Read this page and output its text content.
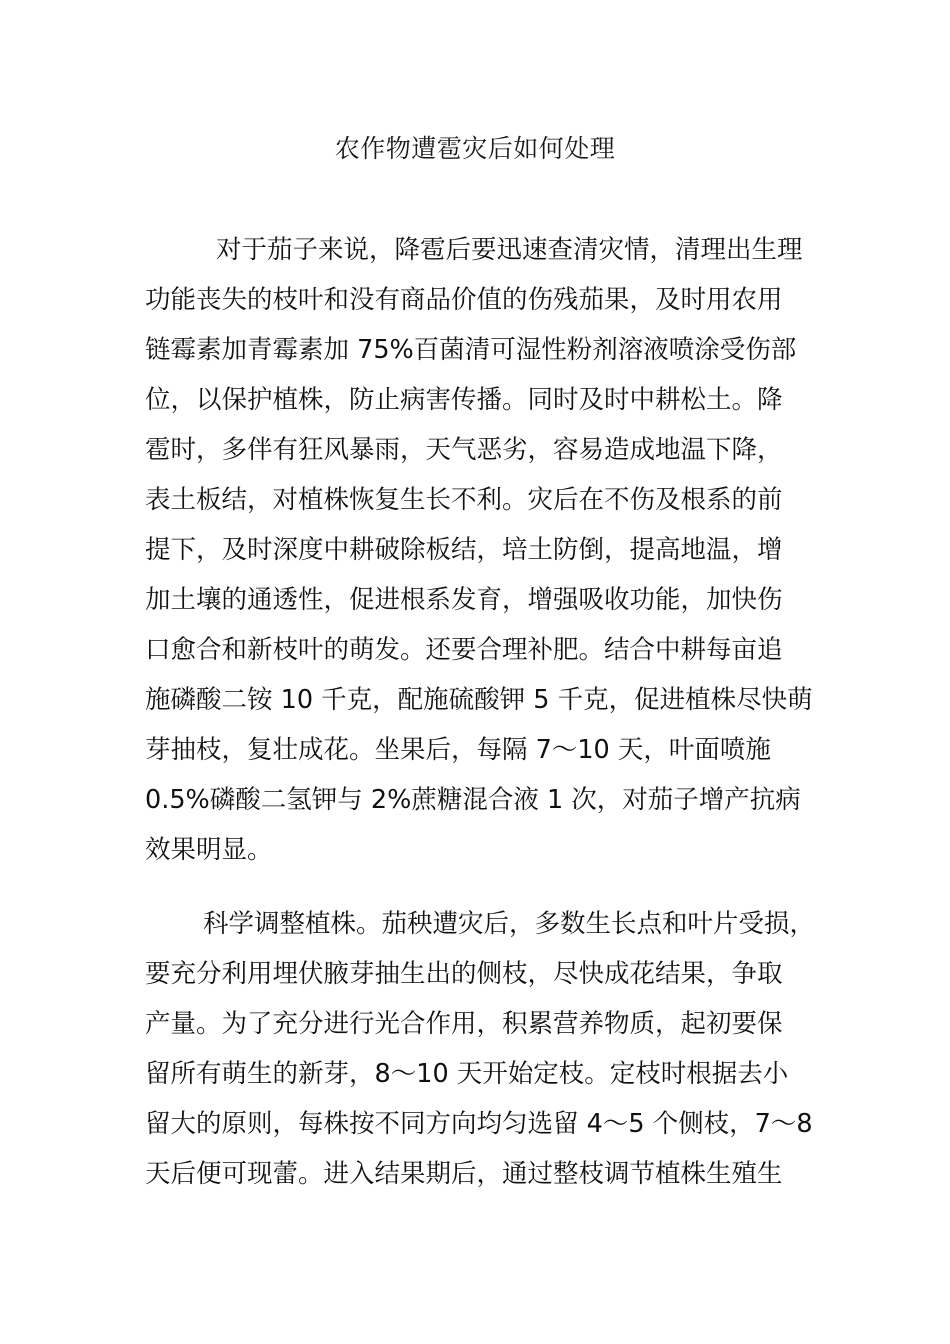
农作物遭雹灾后如何处理
对于茄子来说，降雹后要迅速查清灾情，清理出生理
功能丧失的枝叶和没有商品价值的伤残茄果，及时用农用
链霉素加青霉素加 75%百菌清可湿性粉剂溶液喷涂受伤部
位，以保护植株，防止病害传播。同时及时中耕松土。降
雹时，多伴有狂风暴雨，天气恶劣，容易造成地温下降，
表土板结，对植株恢复生长不利。灾后在不伤及根系的前
提下，及时深度中耕破除板结，培土防倒，提高地温，增
加土壤的通透性，促进根系发育，增强吸收功能，加快伤
口愈合和新枝叶的萌发。还要合理补肥。结合中耕每亩追
施磷酸二铵 10 千克，配施硫酸钾 5 千克，促进植株尽快萌
芽抽枝，复壮成花。坐果后，每隔 7～10 天，叶面喷施
0.5%磷酸二氢钾与 2%蔗糖混合液 1 次，对茄子增产抗病
效果明显。
科学调整植株。茄秧遭灾后，多数生长点和叶片受损，
要充分利用埋伏腋芽抽生出的侧枝，尽快成花结果，争取
产量。为了充分进行光合作用，积累营养物质，起初要保
留所有萌生的新芽，8～10 天开始定枝。定枝时根据去小
留大的原则，每株按不同方向均匀选留 4～5 个侧枝，7～8
天后便可现蕾。进入结果期后，通过整枝调节植株生殖生
